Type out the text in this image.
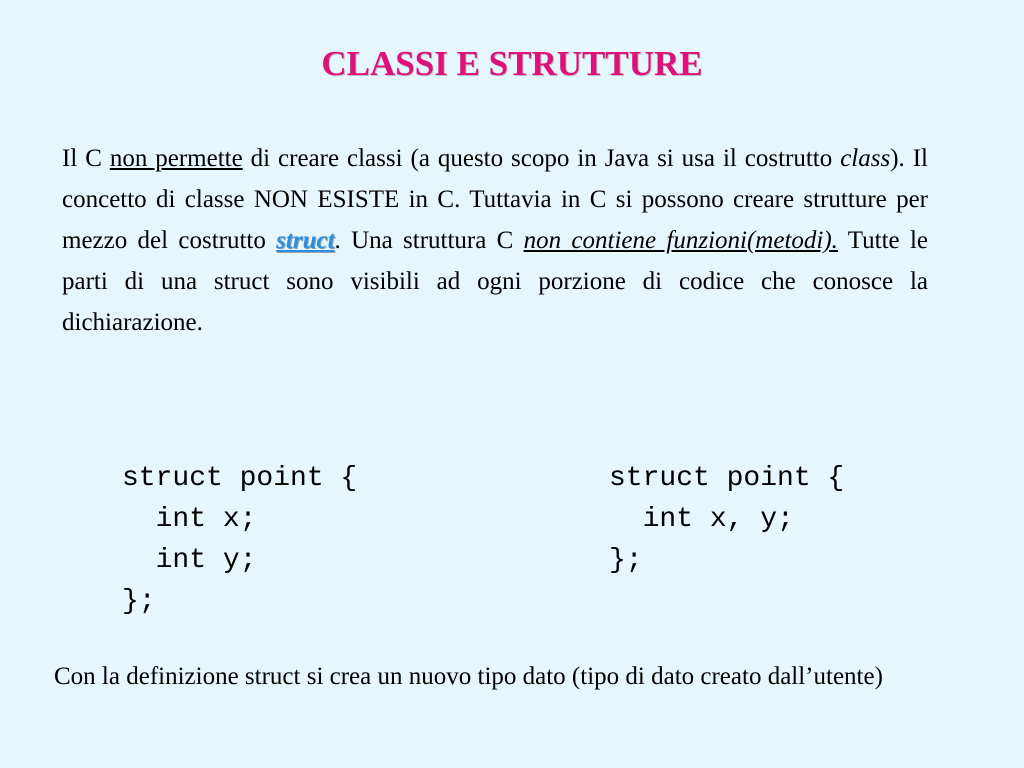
CLASSI E STRUTTURE
Il C non permette di creare classi (a questo scopo in Java si usa il costrutto class). Il concetto di classe NON ESISTE in C. Tuttavia in C si possono creare strutture per mezzo del costrutto struct. Una struttura C non contiene funzioni(metodi). Tutte le parti di una struct sono visibili ad ogni porzione di codice che conosce la dichiarazione.
struct point {
int x;
int y;
};
struct point {
int x, y;
};
Con la definizione struct si crea un nuovo tipo dato (tipo di dato creato dall’utente)
